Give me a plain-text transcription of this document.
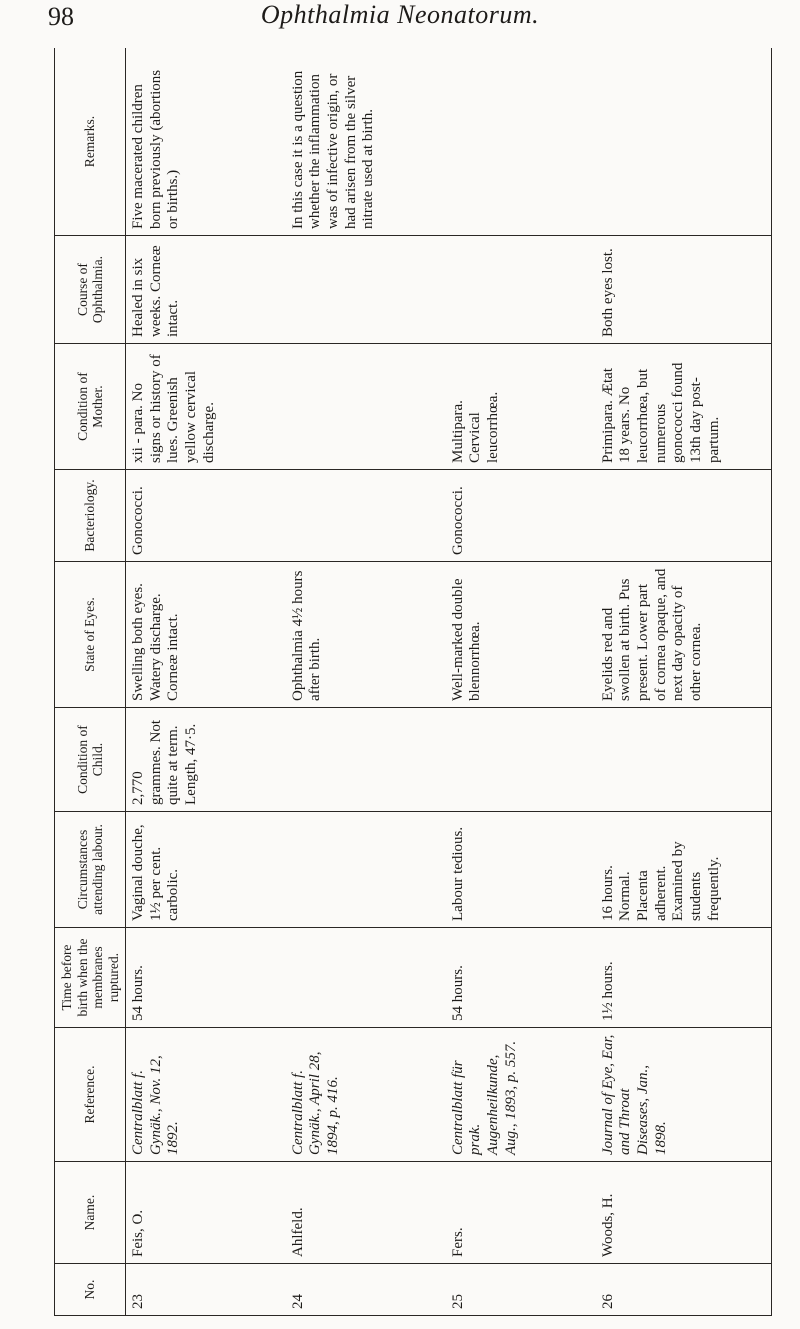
98	Ophthalmia Neonatorum.
No.	Name.	Reference.	Time before birth when the membranes ruptured.	Circumstances attending labour.	Condition of Child.	State of Eyes.	Bacteriology.	Condition of Mother.	Course of Ophthalmia.	Remarks.
23	Feis, O.	Centralblatt f. Gynäk., Nov. 12, 1892.	54 hours.	Vaginal douche, 1½ per cent. carbolic.	2,770 grammes. Not quite at term. Length, 47·5.	Swelling both eyes. Watery discharge. Corneæ intact.	Gonococci.	xii - para. No signs or history of lues. Greenish yellow cervical discharge.	Healed in six weeks. Corneæ intact.	Five macerated children born previously (abortions or births.)
24	Ahlfeld.	Centralblatt f. Gynäk., April 28, 1894, p. 416.				Ophthalmia 4½ hours after birth.				In this case it is a question whether the inflammation was of infective origin, or had arisen from the silver nitrate used at birth.
25	Fers.	Centralblatt für prak. Augenheilkunde, Aug., 1893, p. 557.	54 hours.	Labour tedious.		Well-marked double blennorrhœa.	Gonococci.	Multipara. Cervical leucorrhœa.		
26	Woods, H.	Journal of Eye, Ear, and Throat Diseases, Jan., 1898.	1½ hours.	16 hours. Normal. Placenta adherent. Examined by students frequently.		Eyelids red and swollen at birth. Pus present. Lower part of cornea opaque, and next day opacity of other cornea.		Primipara. Ætat 18 years. No leucorrhœa, but numerous gonococci found 13th day post-partum.	Both eyes lost.	
